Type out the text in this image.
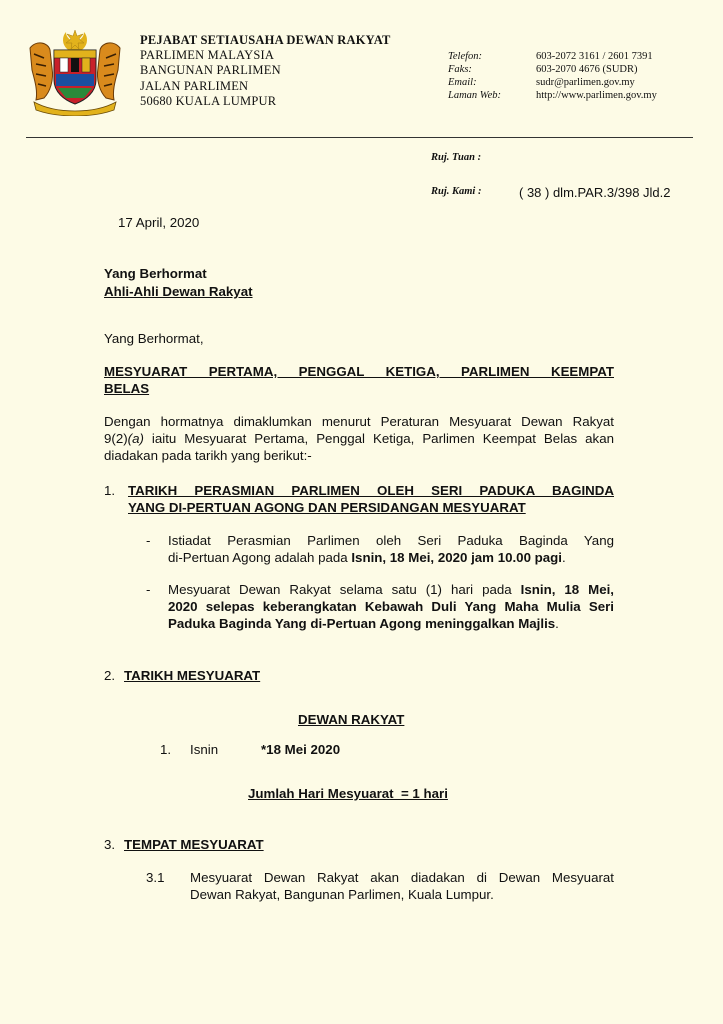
PEJABAT SETIAUSAHA DEWAN RAKYAT
PARLIMEN MALAYSIA
BANGUNAN PARLIMEN
JALAN PARLIMEN
50680 KUALA LUMPUR
Telefon:	603-2072 3161 / 2601 7391
Faks:	603-2070 4676 (SUDR)
Email:	sudr@parlimen.gov.my
Laman Web:	http://www.parlimen.gov.my
Ruj. Tuan :
Ruj. Kami :	( 38 ) dlm.PAR.3/398 Jld.2
17 April, 2020
Yang Berhormat
Ahli-Ahli Dewan Rakyat
Yang Berhormat,
MESYUARAT PERTAMA, PENGGAL KETIGA, PARLIMEN KEEMPAT
BELAS
Dengan hormatnya dimaklumkan menurut Peraturan Mesyuarat Dewan Rakyat
9(2)(a) iaitu Mesyuarat Pertama, Penggal Ketiga, Parlimen Keempat Belas akan
diadakan pada tarikh yang berikut:-
1. TARIKH PERASMIAN PARLIMEN OLEH SERI PADUKA BAGINDA
YANG DI-PERTUAN AGONG DAN PERSIDANGAN MESYUARAT
- Istiadat Perasmian Parlimen oleh Seri Paduka Baginda Yang
di-Pertuan Agong adalah pada Isnin, 18 Mei, 2020 jam 10.00 pagi.
- Mesyuarat Dewan Rakyat selama satu (1) hari pada Isnin, 18 Mei,
2020 selepas keberangkatan Kebawah Duli Yang Maha Mulia Seri
Paduka Baginda Yang di-Pertuan Agong meninggalkan Majlis.
2. TARIKH MESYUARAT
DEWAN RAKYAT
1. Isnin	*18 Mei 2020
Jumlah Hari Mesyuarat  = 1 hari
3. TEMPAT MESYUARAT
3.1 Mesyuarat Dewan Rakyat akan diadakan di Dewan Mesyuarat
Dewan Rakyat, Bangunan Parlimen, Kuala Lumpur.
